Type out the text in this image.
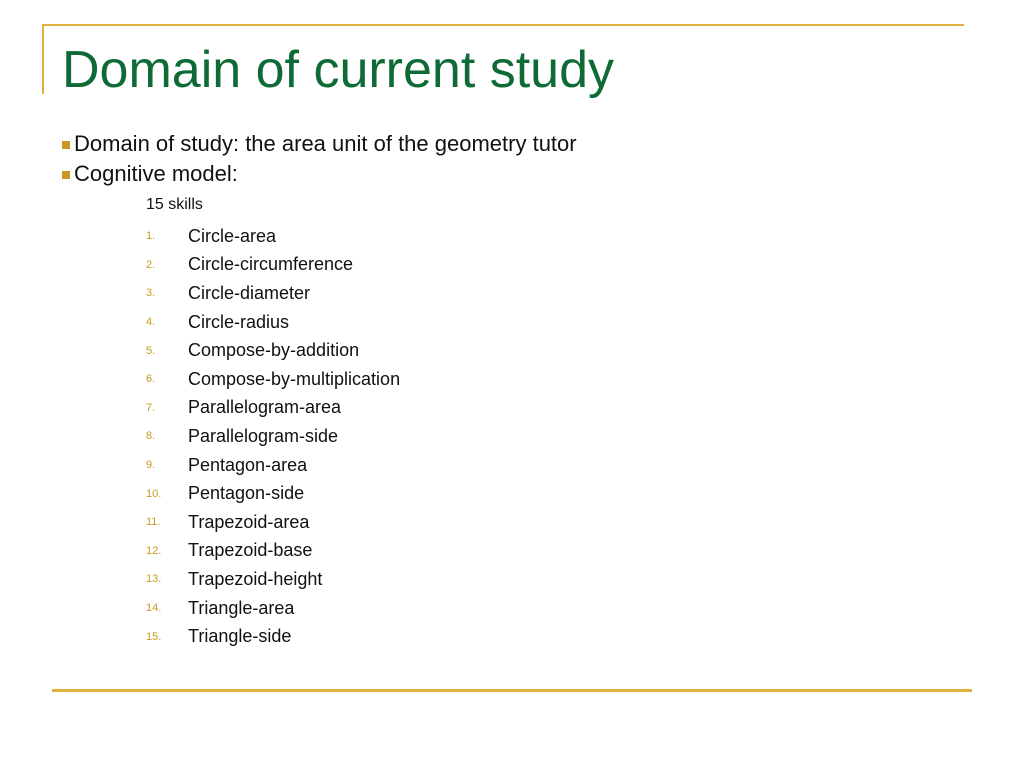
Domain of current study
Domain of study: the area unit of the geometry tutor
Cognitive model:
15 skills
1.	Circle-area
2.	Circle-circumference
3.	Circle-diameter
4.	Circle-radius
5.	Compose-by-addition
6.	Compose-by-multiplication
7.	Parallelogram-area
8.	Parallelogram-side
9.	Pentagon-area
10.	Pentagon-side
11.	Trapezoid-area
12.	Trapezoid-base
13.	Trapezoid-height
14.	Triangle-area
15.	Triangle-side
